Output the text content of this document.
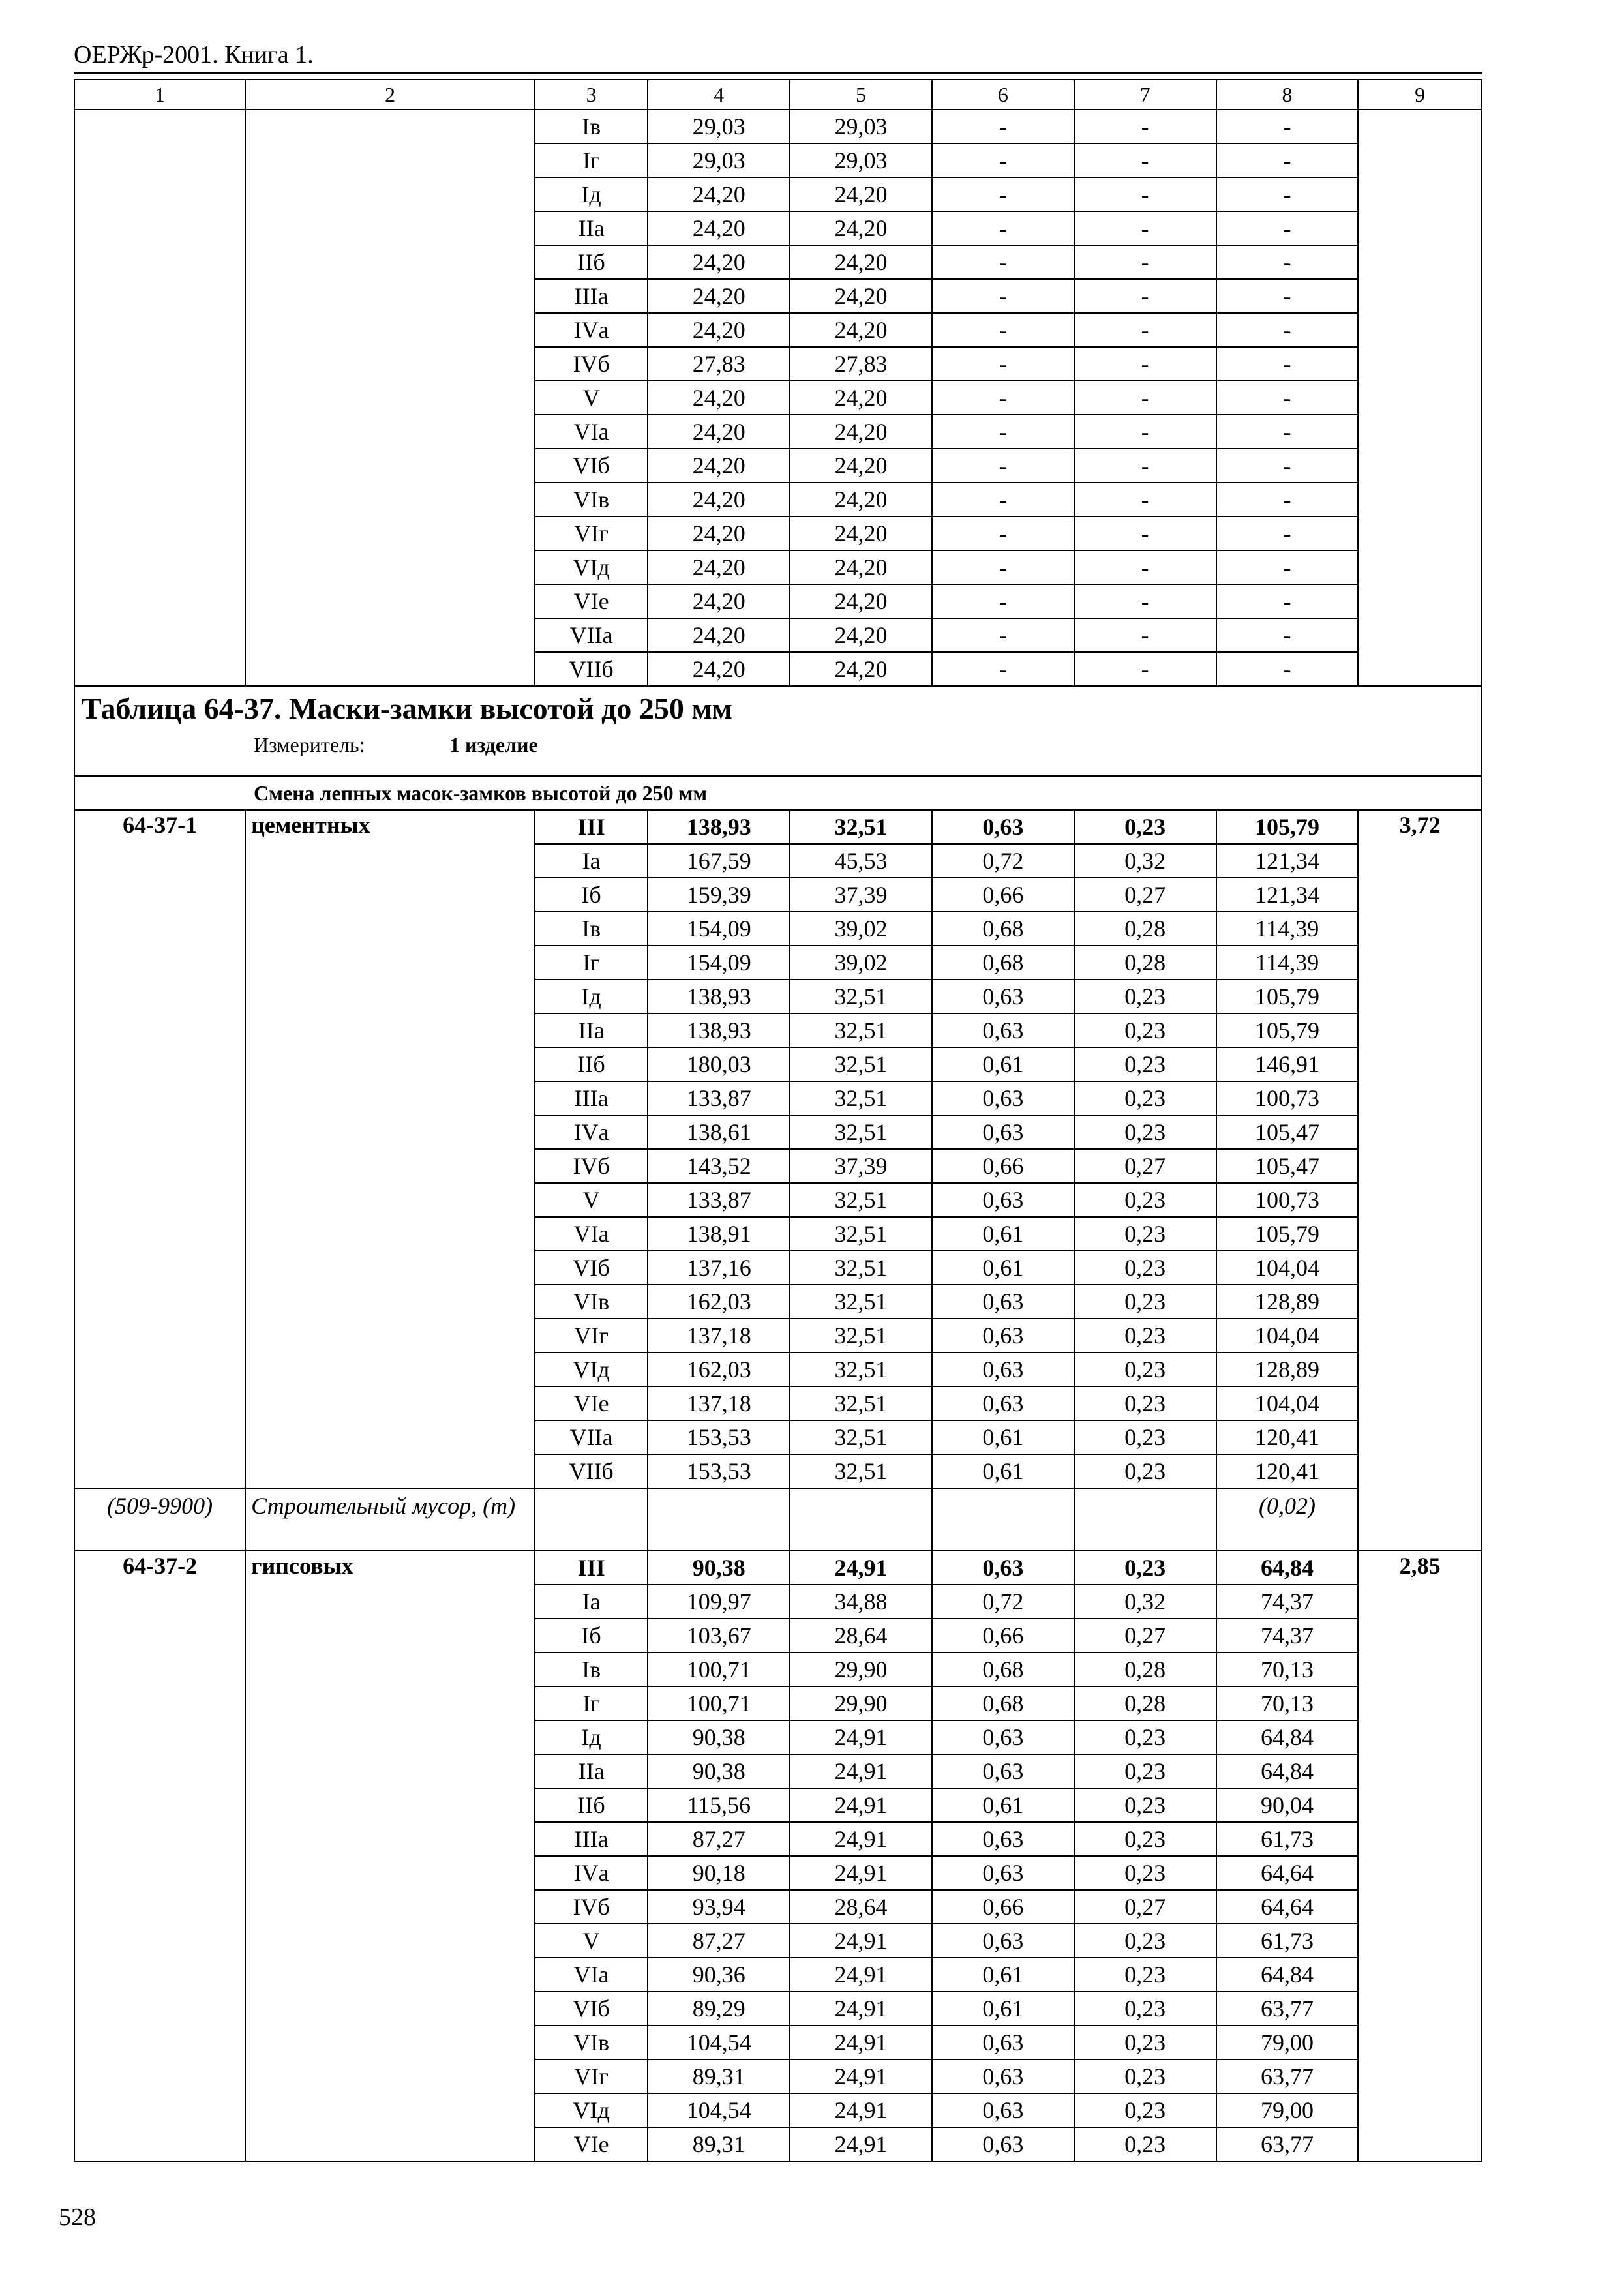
ОЕРЖр-2001. Книга 1.
1	2	3	4	5	6	7	8	9
		Iв	29,03	29,03	-	-	-	
		Iг	29,03	29,03	-	-	-	
		Iд	24,20	24,20	-	-	-	
		IIа	24,20	24,20	-	-	-	
		IIб	24,20	24,20	-	-	-	
		IIIа	24,20	24,20	-	-	-	
		IVа	24,20	24,20	-	-	-	
		IVб	27,83	27,83	-	-	-	
		V	24,20	24,20	-	-	-	
		VIа	24,20	24,20	-	-	-	
		VIб	24,20	24,20	-	-	-	
		VIв	24,20	24,20	-	-	-	
		VIг	24,20	24,20	-	-	-	
		VIд	24,20	24,20	-	-	-	
		VIе	24,20	24,20	-	-	-	
		VIIа	24,20	24,20	-	-	-	
		VIIб	24,20	24,20	-	-	-	

Таблица 64-37. Маски-замки высотой до 250 мм
Измеритель: 1 изделие								

Смена лепных масок-замков высотой до 250 мм								
64-37-1	цементных	III	138,93	32,51	0,63	0,23	105,79	3,72
		Iа	167,59	45,53	0,72	0,32	121,34	
		Iб	159,39	37,39	0,66	0,27	121,34	
		Iв	154,09	39,02	0,68	0,28	114,39	
		Iг	154,09	39,02	0,68	0,28	114,39	
		Iд	138,93	32,51	0,63	0,23	105,79	
		IIа	138,93	32,51	0,63	0,23	105,79	
		IIб	180,03	32,51	0,61	0,23	146,91	
		IIIа	133,87	32,51	0,63	0,23	100,73	
		IVа	138,61	32,51	0,63	0,23	105,47	
		IVб	143,52	37,39	0,66	0,27	105,47	
		V	133,87	32,51	0,63	0,23	100,73	
		VIа	138,91	32,51	0,61	0,23	105,79	
		VIб	137,16	32,51	0,61	0,23	104,04	
		VIв	162,03	32,51	0,63	0,23	128,89	
		VIг	137,18	32,51	0,63	0,23	104,04	
		VIд	162,03	32,51	0,63	0,23	128,89	
		VIе	137,18	32,51	0,63	0,23	104,04	
		VIIа	153,53	32,51	0,61	0,23	120,41	
		VIIб	153,53	32,51	0,61	0,23	120,41	
(509-9900)	Строительный мусор, (т)						(0,02)	
64-37-2	гипсовых	III	90,38	24,91	0,63	0,23	64,84	2,85
		Iа	109,97	34,88	0,72	0,32	74,37	
		Iб	103,67	28,64	0,66	0,27	74,37	
		Iв	100,71	29,90	0,68	0,28	70,13	
		Iг	100,71	29,90	0,68	0,28	70,13	
		Iд	90,38	24,91	0,63	0,23	64,84	
		IIа	90,38	24,91	0,63	0,23	64,84	
		IIб	115,56	24,91	0,61	0,23	90,04	
		IIIа	87,27	24,91	0,63	0,23	61,73	
		IVа	90,18	24,91	0,63	0,23	64,64	
		IVб	93,94	28,64	0,66	0,27	64,64	
		V	87,27	24,91	0,63	0,23	61,73	
		VIа	90,36	24,91	0,61	0,23	64,84	
		VIб	89,29	24,91	0,61	0,23	63,77	
		VIв	104,54	24,91	0,63	0,23	79,00	
		VIг	89,31	24,91	0,63	0,23	63,77	
		VIд	104,54	24,91	0,63	0,23	79,00	
		VIе	89,31	24,91	0,63	0,23	63,77	
528
